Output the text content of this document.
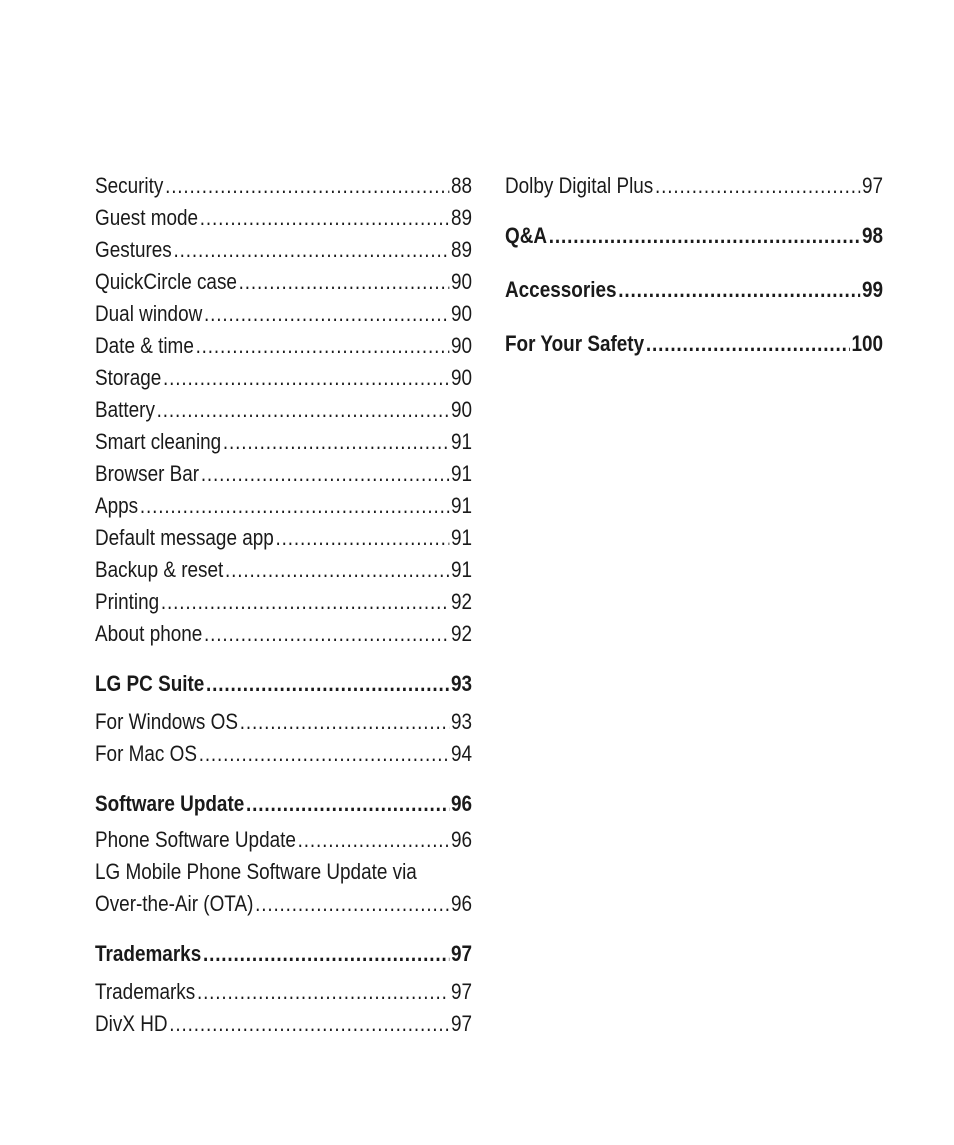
Security .....	88
Guest mode .....	89
Gestures .....	89
QuickCircle case .....	90
Dual window .....	90
Date & time .....	90
Storage .....	90
Battery .....	90
Smart cleaning .....	91
Browser Bar .....	91
Apps .....	91
Default message app .....	91
Backup & reset .....	91
Printing .....	92
About phone .....	92
LG PC Suite .....	93
For Windows OS .....	93
For Mac OS .....	94
Software Update .....	96
Phone Software Update .....	96
LG Mobile Phone Software Update via
Over-the-Air (OTA) .....	96
Trademarks .....	97
Trademarks .....	97
DivX HD .....	97
Dolby Digital Plus .....	97
Q&A .....	98
Accessories .....	99
For Your Safety .....	100
